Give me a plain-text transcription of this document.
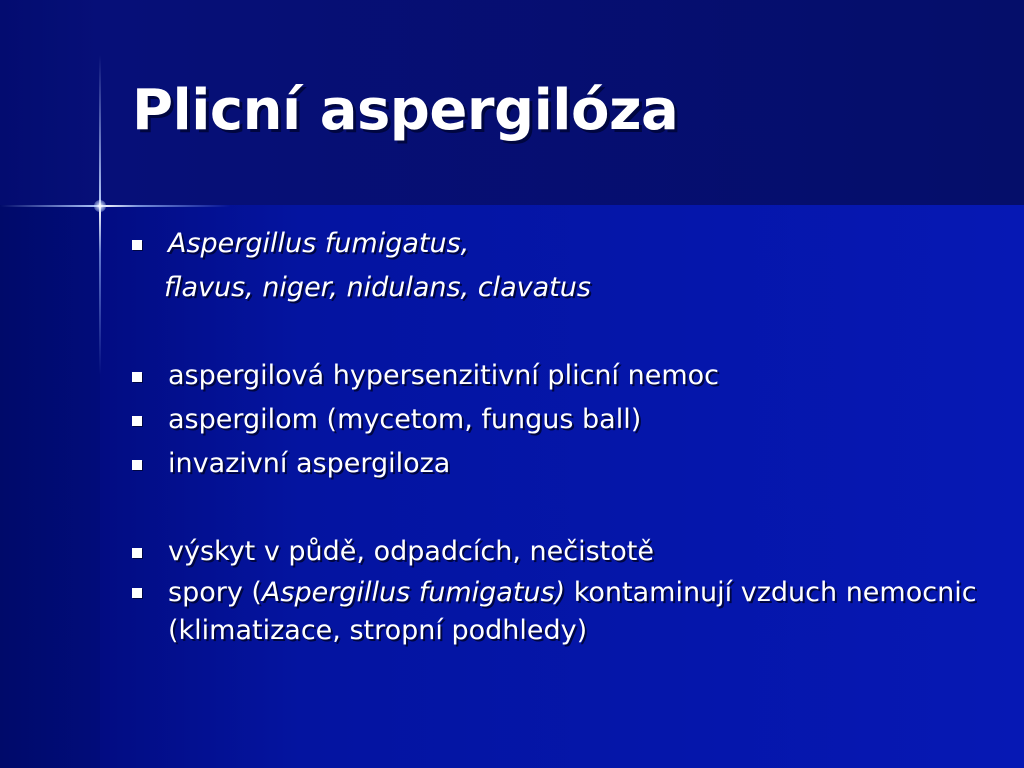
Plicní aspergilóza
Aspergillus fumigatus,
flavus, niger, nidulans, clavatus
aspergilová hypersenzitivní plicní nemoc
aspergilom (mycetom, fungus ball)
invazivní aspergiloza
výskyt v půdě, odpadcích, nečistotě
spory (Aspergillus fumigatus) kontaminují vzduch nemocnic (klimatizace, stropní podhledy)
